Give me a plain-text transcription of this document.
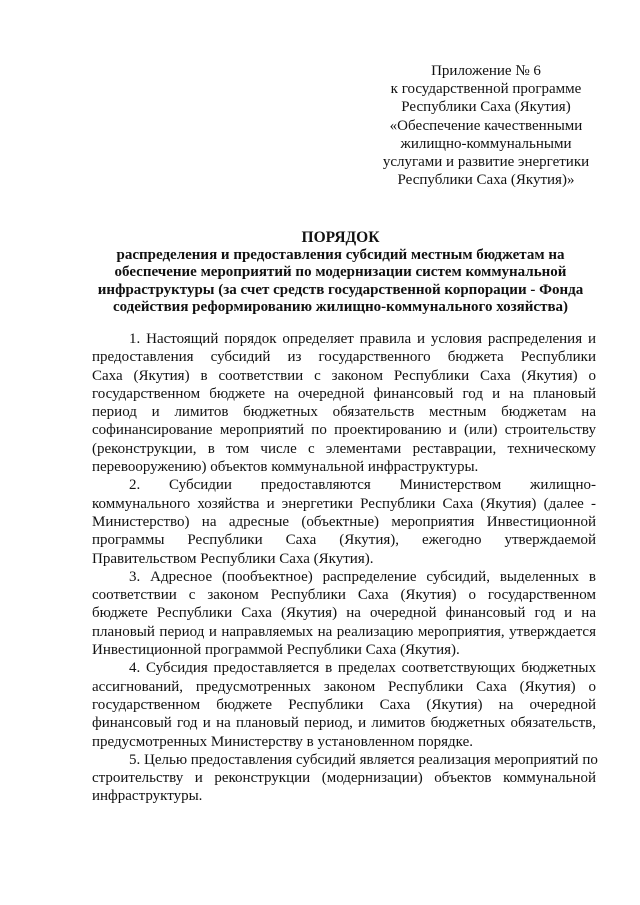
Приложение № 6
к государственной программе
Республики Саха (Якутия)
«Обеспечение качественными
жилищно-коммунальными
услугами и развитие энергетики
Республики Саха (Якутия)»
ПОРЯДОК
распределения и предоставления субсидий местным бюджетам на
обеспечение мероприятий по модернизации систем коммунальной
инфраструктуры (за счет средств государственной корпорации - Фонда
содействия реформированию жилищно-коммунального хозяйства)
1. Настоящий порядок определяет правила и условия распределения и
предоставления субсидий из государственного бюджета Республики
Саха (Якутия) в соответствии с законом Республики Саха (Якутия) о
государственном бюджете на очередной финансовый год и на плановый
период и лимитов бюджетных обязательств местным бюджетам на
софинансирование мероприятий по проектированию и (или) строительству
(реконструкции, в том числе с элементами реставрации, техническому
перевооружению) объектов коммунальной инфраструктуры.
2. Субсидии предоставляются Министерством жилищно-
коммунального хозяйства и энергетики Республики Саха (Якутия) (далее -
Министерство) на адресные (объектные) мероприятия Инвестиционной
программы Республики Саха (Якутия), ежегодно утверждаемой
Правительством Республики Саха (Якутия).
3. Адресное (пообъектное) распределение субсидий, выделенных в
соответствии с законом Республики Саха (Якутия) о государственном
бюджете Республики Саха (Якутия) на очередной финансовый год и на
плановый период и направляемых на реализацию мероприятия, утверждается
Инвестиционной программой Республики Саха (Якутия).
4. Субсидия предоставляется в пределах соответствующих бюджетных
ассигнований, предусмотренных законом Республики Саха (Якутия) о
государственном бюджете Республики Саха (Якутия) на очередной
финансовый год и на плановый период, и лимитов бюджетных обязательств,
предусмотренных Министерству в установленном порядке.
5. Целью предоставления субсидий является реализация мероприятий по
строительству и реконструкции (модернизации) объектов коммунальной
инфраструктуры.
